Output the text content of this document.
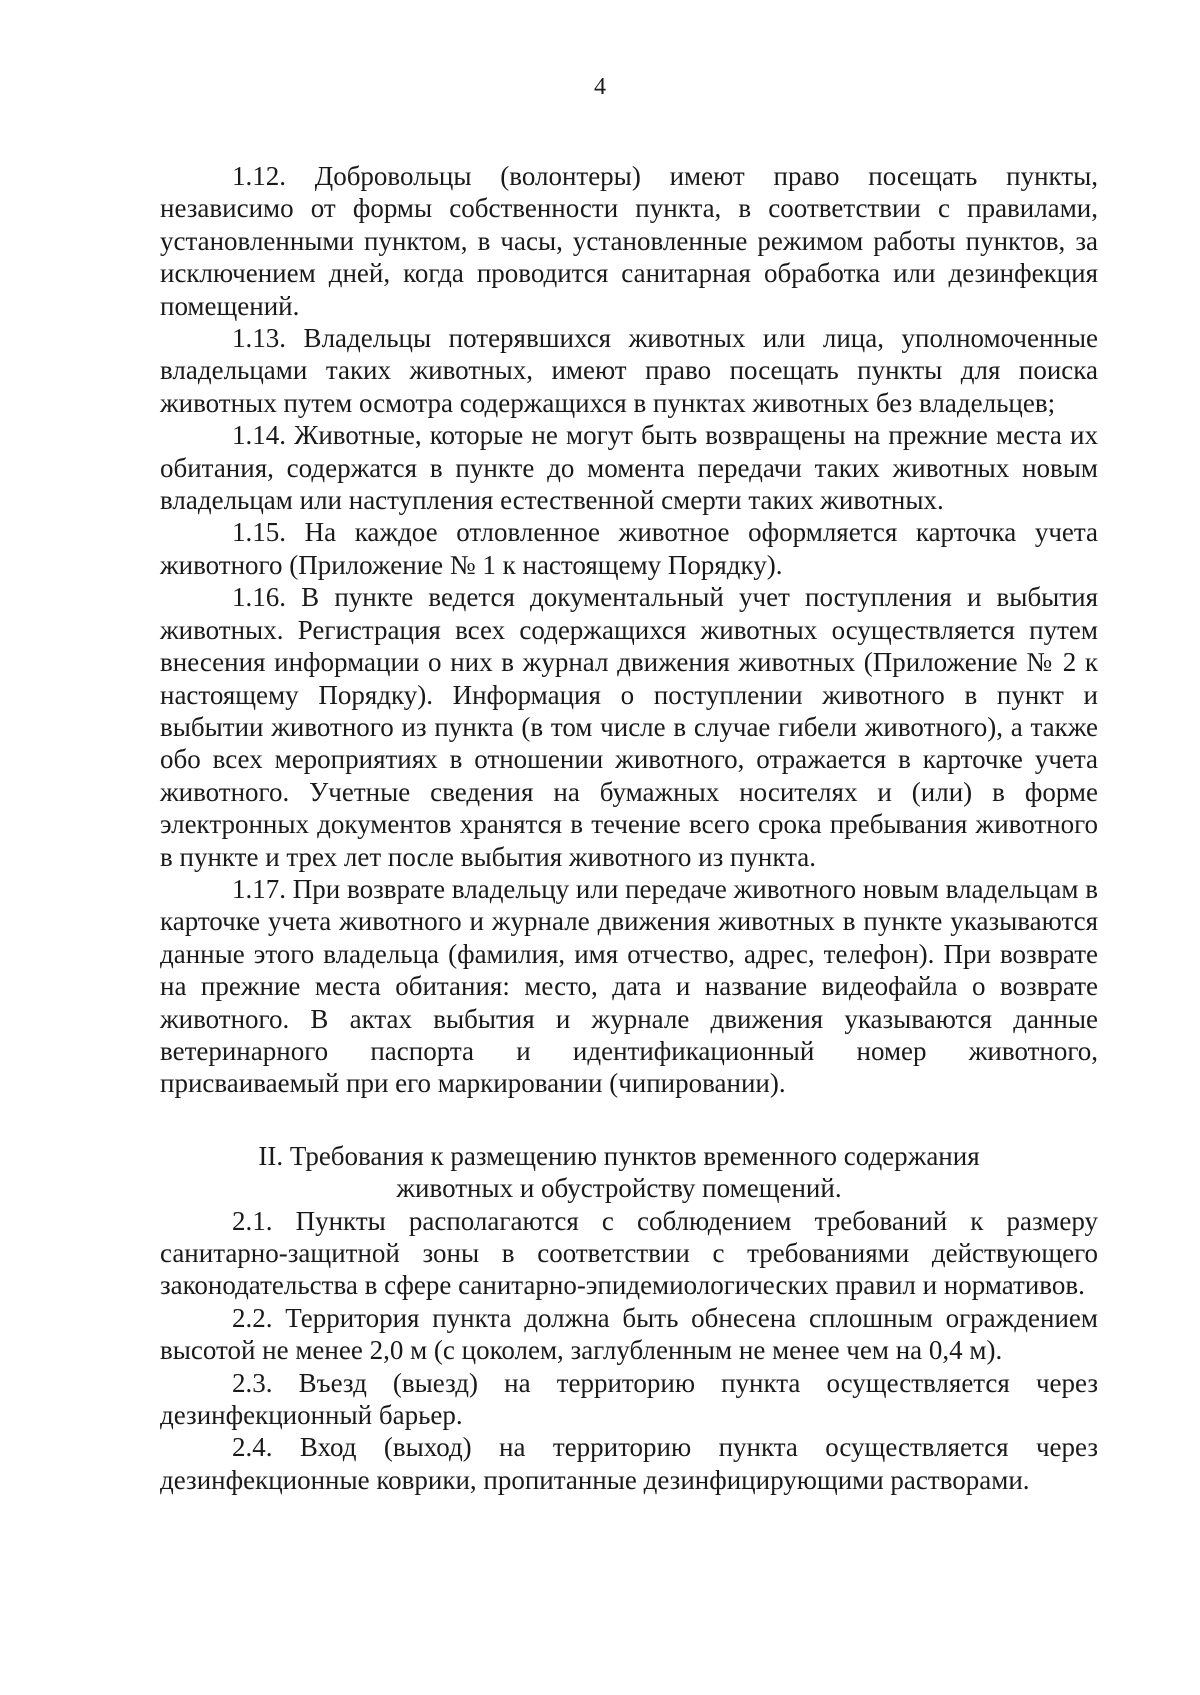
4

1.12. Добровольцы (волонтеры) имеют право посещать пункты, независимо от формы собственности пункта, в соответствии с правилами, установленными пунктом, в часы, установленные режимом работы пунктов, за исключением дней, когда проводится санитарная обработка или дезинфекция помещений.

1.13. Владельцы потерявшихся животных или лица, уполномоченные владельцами таких животных, имеют право посещать пункты для поиска животных путем осмотра содержащихся в пунктах животных без владельцев;

1.14. Животные, которые не могут быть возвращены на прежние места их обитания, содержатся в пункте до момента передачи таких животных новым владельцам или наступления естественной смерти таких животных.

1.15. На каждое отловленное животное оформляется карточка учета животного (Приложение № 1 к настоящему Порядку).

1.16. В пункте ведется документальный учет поступления и выбытия животных. Регистрация всех содержащихся животных осуществляется путем внесения информации о них в журнал движения животных (Приложение № 2 к настоящему Порядку). Информация о поступлении животного в пункт и выбытии животного из пункта (в том числе в случае гибели животного), а также обо всех мероприятиях в отношении животного, отражается в карточке учета животного. Учетные сведения на бумажных носителях и (или) в форме электронных документов хранятся в течение всего срока пребывания животного в пункте и трех лет после выбытия животного из пункта.

1.17. При возврате владельцу или передаче животного новым владельцам в карточке учета животного и журнале движения животных в пункте указываются данные этого владельца (фамилия, имя отчество, адрес, телефон). При возврате на прежние места обитания: место, дата и название видеофайла о возврате животного. В актах выбытия и журнале движения указываются данные ветеринарного паспорта и идентификационный номер животного, присваиваемый при его маркировании (чипировании).

II. Требования к размещению пунктов временного содержания
животных и обустройству помещений.

2.1. Пункты располагаются с соблюдением требований к размеру санитарно-защитной зоны в соответствии с требованиями действующего законодательства в сфере санитарно-эпидемиологических правил и нормативов.

2.2. Территория пункта должна быть обнесена сплошным ограждением высотой не менее 2,0 м (с цоколем, заглубленным не менее чем на 0,4 м).

2.3. Въезд (выезд) на территорию пункта осуществляется через дезинфекционный барьер.

2.4. Вход (выход) на территорию пункта осуществляется через дезинфекционные коврики, пропитанные дезинфицирующими растворами.
